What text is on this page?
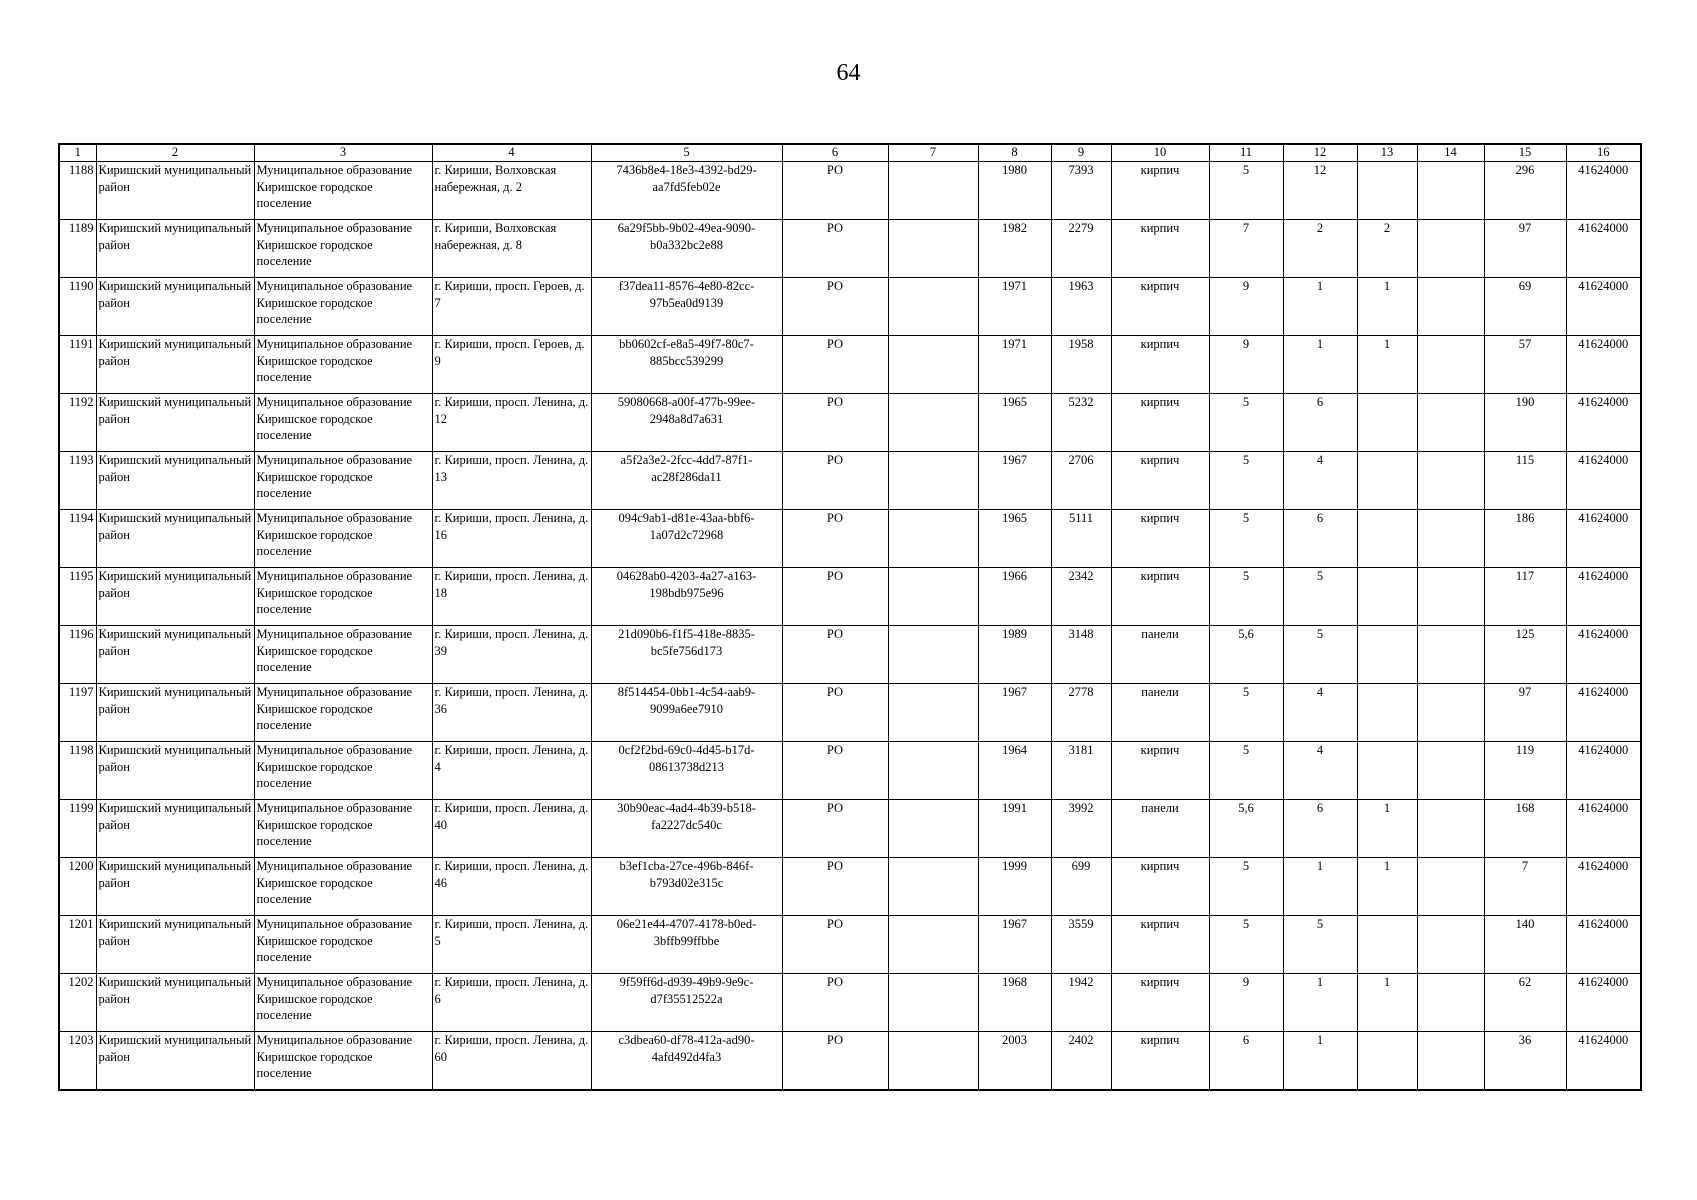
64
1	2	3	4	5	6	7	8	9	10	11	12	13	14	15	16
1188	Киришский муниципальный район	Муниципальное образование Киришское городское поселение	г. Кириши, Волховская набережная, д. 2	7436b8e4-18e3-4392-bd29-aa7fd5feb02e	РО		1980	7393	кирпич	5	12			296	41624000
1189	Киришский муниципальный район	Муниципальное образование Киришское городское поселение	г. Кириши, Волховская набережная, д. 8	6a29f5bb-9b02-49ea-9090-b0a332bc2e88	РО		1982	2279	кирпич	7	2	2		97	41624000
1190	Киришский муниципальный район	Муниципальное образование Киришское городское поселение	г. Кириши, просп. Героев, д. 7	f37dea11-8576-4e80-82cc-97b5ea0d9139	РО		1971	1963	кирпич	9	1	1		69	41624000
1191	Киришский муниципальный район	Муниципальное образование Киришское городское поселение	г. Кириши, просп. Героев, д. 9	bb0602cf-e8a5-49f7-80c7-885bcc539299	РО		1971	1958	кирпич	9	1	1		57	41624000
1192	Киришский муниципальный район	Муниципальное образование Киришское городское поселение	г. Кириши, просп. Ленина, д. 12	59080668-a00f-477b-99ee-2948a8d7a631	РО		1965	5232	кирпич	5	6			190	41624000
1193	Киришский муниципальный район	Муниципальное образование Киришское городское поселение	г. Кириши, просп. Ленина, д. 13	a5f2a3e2-2fcc-4dd7-87f1-ac28f286da11	РО		1967	2706	кирпич	5	4			115	41624000
1194	Киришский муниципальный район	Муниципальное образование Киришское городское поселение	г. Кириши, просп. Ленина, д. 16	094c9ab1-d81e-43aa-bbf6-1a07d2c72968	РО		1965	5111	кирпич	5	6			186	41624000
1195	Киришский муниципальный район	Муниципальное образование Киришское городское поселение	г. Кириши, просп. Ленина, д. 18	04628ab0-4203-4a27-a163-198bdb975e96	РО		1966	2342	кирпич	5	5			117	41624000
1196	Киришский муниципальный район	Муниципальное образование Киришское городское поселение	г. Кириши, просп. Ленина, д. 39	21d090b6-f1f5-418e-8835-bc5fe756d173	РО		1989	3148	панели	5,6	5			125	41624000
1197	Киришский муниципальный район	Муниципальное образование Киришское городское поселение	г. Кириши, просп. Ленина, д. 36	8f514454-0bb1-4c54-aab9-9099a6ee7910	РО		1967	2778	панели	5	4			97	41624000
1198	Киришский муниципальный район	Муниципальное образование Киришское городское поселение	г. Кириши, просп. Ленина, д. 4	0cf2f2bd-69c0-4d45-b17d-08613738d213	РО		1964	3181	кирпич	5	4			119	41624000
1199	Киришский муниципальный район	Муниципальное образование Киришское городское поселение	г. Кириши, просп. Ленина, д. 40	30b90eac-4ad4-4b39-b518-fa2227dc540c	РО		1991	3992	панели	5,6	6	1		168	41624000
1200	Киришский муниципальный район	Муниципальное образование Киришское городское поселение	г. Кириши, просп. Ленина, д. 46	b3ef1cba-27ce-496b-846f-b793d02e315c	РО		1999	699	кирпич	5	1	1		7	41624000
1201	Киришский муниципальный район	Муниципальное образование Киришское городское поселение	г. Кириши, просп. Ленина, д. 5	06e21e44-4707-4178-b0ed-3bffb99ffbbe	РО		1967	3559	кирпич	5	5			140	41624000
1202	Киришский муниципальный район	Муниципальное образование Киришское городское поселение	г. Кириши, просп. Ленина, д. 6	9f59ff6d-d939-49b9-9e9c-d7f35512522a	РО		1968	1942	кирпич	9	1	1		62	41624000
1203	Киришский муниципальный район	Муниципальное образование Киришское городское поселение	г. Кириши, просп. Ленина, д. 60	c3dbea60-df78-412a-ad90-4afd492d4fa3	РО		2003	2402	кирпич	6	1			36	41624000
